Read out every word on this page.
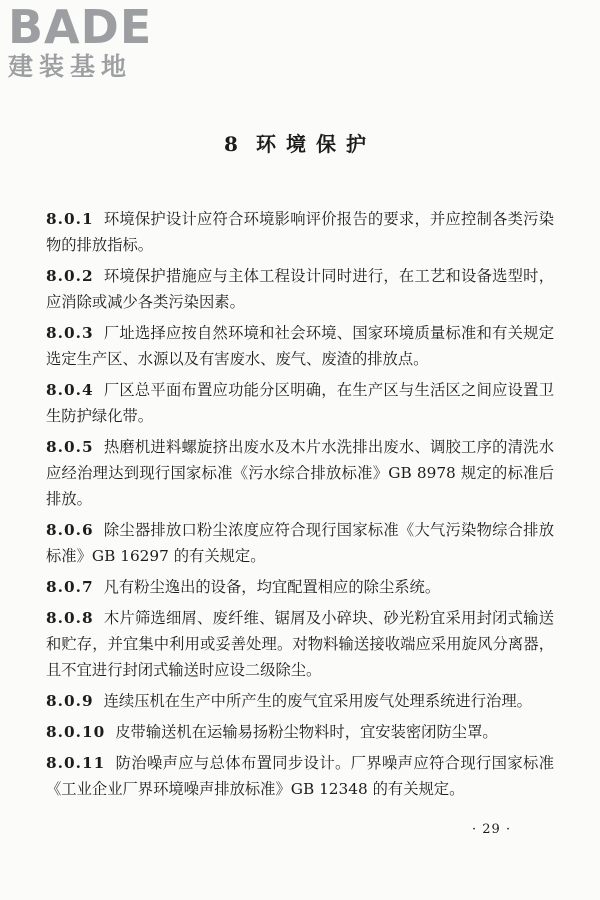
BADE
建装基地
8 环境保护

8.0.1 环境保护设计应符合环境影响评价报告的要求，并应控制各类污染物的排放指标。

8.0.2 环境保护措施应与主体工程设计同时进行，在工艺和设备选型时，应消除或减少各类污染因素。

8.0.3 厂址选择应按自然环境和社会环境、国家环境质量标准和有关规定选定生产区、水源以及有害废水、废气、废渣的排放点。

8.0.4 厂区总平面布置应功能分区明确，在生产区与生活区之间应设置卫生防护绿化带。

8.0.5 热磨机进料螺旋挤出废水及木片水洗排出废水、调胶工序的清洗水应经治理达到现行国家标准《污水综合排放标准》GB 8978 规定的标准后排放。

8.0.6 除尘器排放口粉尘浓度应符合现行国家标准《大气污染物综合排放标准》GB 16297 的有关规定。

8.0.7 凡有粉尘逸出的设备，均宜配置相应的除尘系统。

8.0.8 木片筛选细屑、废纤维、锯屑及小碎块、砂光粉宜采用封闭式输送和贮存，并宜集中利用或妥善处理。对物料输送接收端应采用旋风分离器，且不宜进行封闭式输送时应设二级除尘。

8.0.9 连续压机在生产中所产生的废气宜采用废气处理系统进行治理。

8.0.10 皮带输送机在运输易扬粉尘物料时，宜安装密闭防尘罩。

8.0.11 防治噪声应与总体布置同步设计。厂界噪声应符合现行国家标准《工业企业厂界环境噪声排放标准》GB 12348 的有关规定。

· 29 ·
